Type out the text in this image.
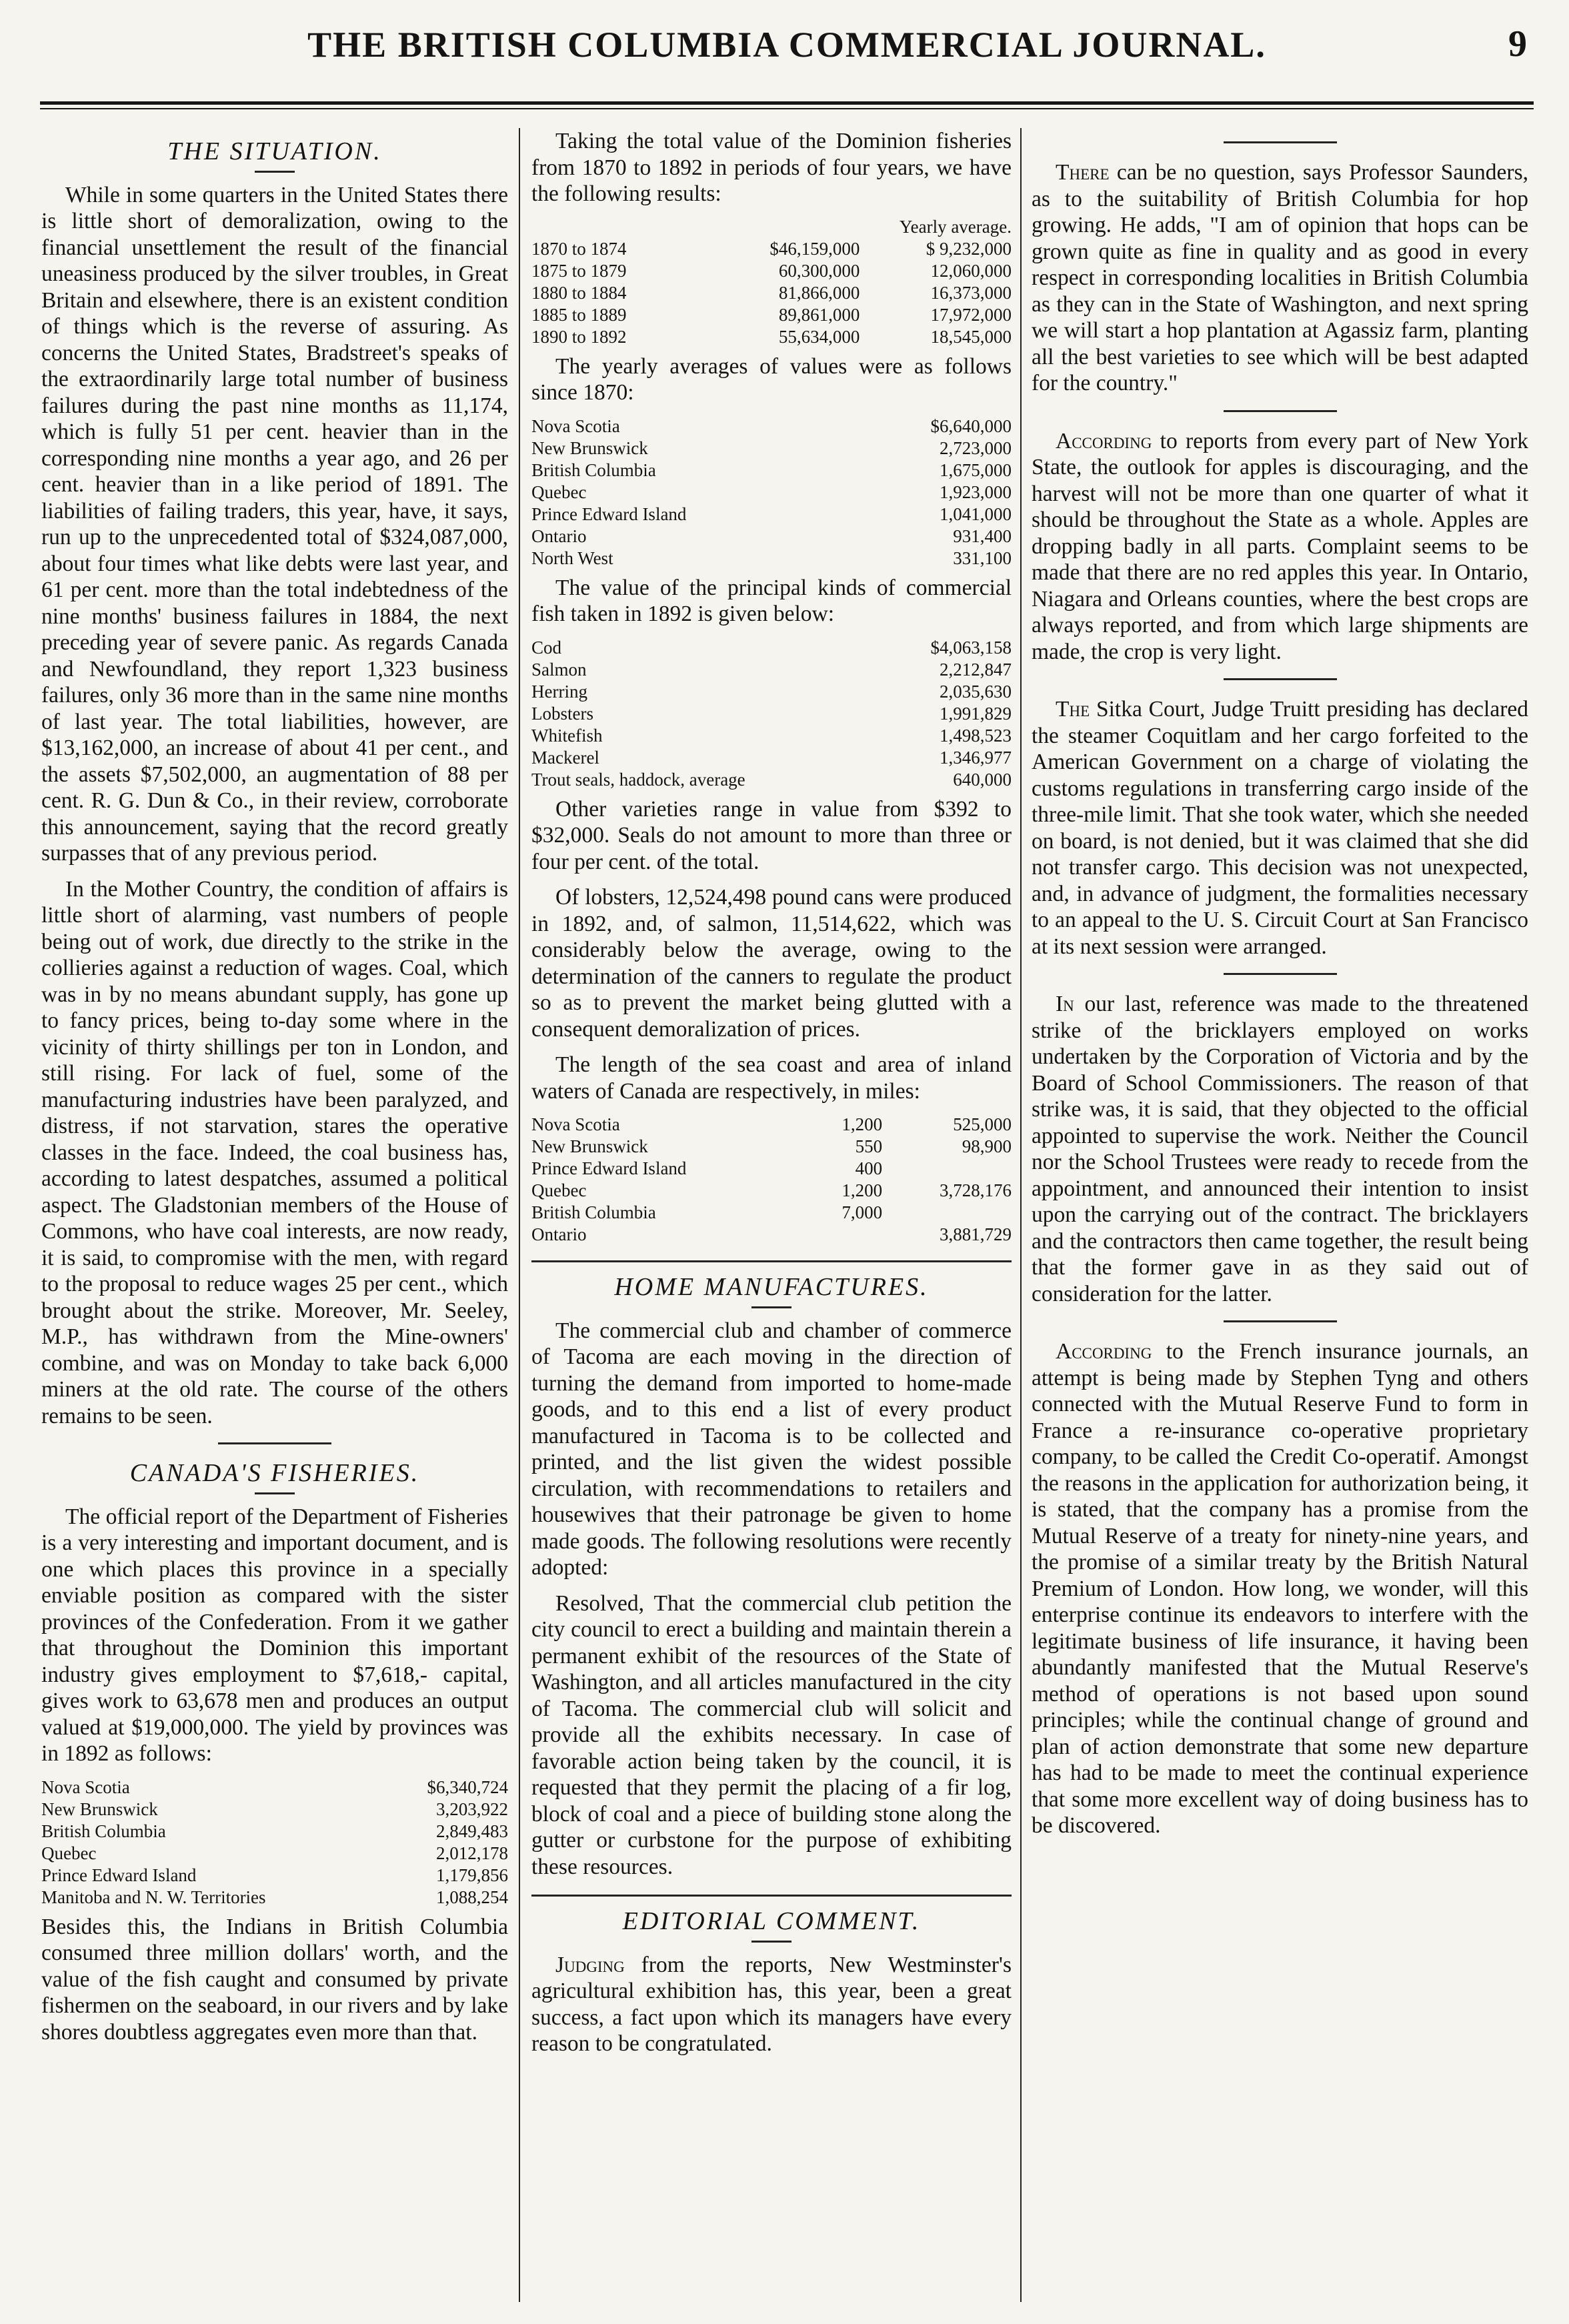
THE BRITISH COLUMBIA COMMERCIAL JOURNAL.	9
THE SITUATION.

While in some quarters in the United States there is little short of demoralization, owing to the financial unsettlement the result of the financial uneasiness produced by the silver troubles, in Great Britain and elsewhere, there is an existent condition of things which is the reverse of assuring. As concerns the United States, Bradstreet's speaks of the extraordinarily large total number of business failures during the past nine months as 11,174, which is fully 51 per cent. heavier than in the corresponding nine months a year ago, and 26 per cent. heavier than in a like period of 1891. The liabilities of failing traders, this year, have, it says, run up to the unprecedented total of $324,087,000, about four times what like debts were last year, and 61 per cent. more than the total indebtedness of the nine months' business failures in 1884, the next preceding year of severe panic. As regards Canada and Newfoundland, they report 1,323 business failures, only 36 more than in the same nine months of last year. The total liabilities, however, are $13,162,000, an increase of about 41 per cent., and the assets $7,502,000, an augmentation of 88 per cent. R. G. Dun & Co., in their review, corroborate this announcement, saying that the record greatly surpasses that of any previous period.

In the Mother Country, the condition of affairs is little short of alarming, vast numbers of people being out of work, due directly to the strike in the collieries against a reduction of wages. Coal, which was in by no means abundant supply, has gone up to fancy prices, being to-day some where in the vicinity of thirty shillings per ton in London, and still rising. For lack of fuel, some of the manufacturing industries have been paralyzed, and distress, if not starvation, stares the operative classes in the face. Indeed, the coal business has, according to latest despatches, assumed a political aspect. The Gladstonian members of the House of Commons, who have coal interests, are now ready, it is said, to compromise with the men, with regard to the proposal to reduce wages 25 per cent., which brought about the strike. Moreover, Mr. Seeley, M.P., has withdrawn from the Mine-owners' combine, and was on Monday to take back 6,000 miners at the old rate. The course of the others remains to be seen.

CANADA'S FISHERIES.

The official report of the Department of Fisheries is a very interesting and important document, and is one which places this province in a specially enviable position as compared with the sister provinces of the Confederation. From it we gather that throughout the Dominion this important industry gives employment to $7,618,- capital, gives work to 63,678 men and produces an output valued at $19,000,000. The yield by provinces was in 1892 as follows:

Nova Scotia	$6,340,724
New Brunswick	3,203,922
British Columbia	2,849,483
Quebec	2,012,178
Prince Edward Island	1,179,856
Manitoba and N. W. Territories	1,088,254

Besides this, the Indians in British Columbia consumed three million dollars' worth, and the value of the fish caught and consumed by private fishermen on the seaboard, in our rivers and by lake shores doubtless aggregates even more than that.

Taking the total value of the Dominion fisheries from 1870 to 1892 in periods of four years, we have the following results:

Yearly average.
1870 to 1874	$46,159,000	$ 9,232,000
1875 to 1879	60,300,000	12,060,000
1880 to 1884	81,866,000	16,373,000
1885 to 1889	89,861,000	17,972,000
1890 to 1892	55,634,000	18,545,000

The yearly averages of values were as follows since 1870:

Nova Scotia	$6,640,000
New Brunswick	2,723,000
British Columbia	1,675,000
Quebec	1,923,000
Prince Edward Island	1,041,000
Ontario	931,400
North West	331,100

The value of the principal kinds of commercial fish taken in 1892 is given below:

Cod	$4,063,158
Salmon	2,212,847
Herring	2,035,630
Lobsters	1,991,829
Whitefish	1,498,523
Mackerel	1,346,977
Trout seals, haddock, average	640,000

Other varieties range in value from $392 to $32,000. Seals do not amount to more than three or four per cent. of the total.

Of lobsters, 12,524,498 pound cans were produced in 1892, and, of salmon, 11,514,622, which was considerably below the average, owing to the determination of the canners to regulate the product so as to prevent the market being glutted with a consequent demoralization of prices.

The length of the sea coast and area of inland waters of Canada are respectively, in miles:

Nova Scotia	1,200	525,000
New Brunswick	550	98,900
Prince Edward Island	400	
Quebec	1,200	3,728,176
British Columbia	7,000	
Ontario		3,881,729
HOME MANUFACTURES.

The commercial club and chamber of commerce of Tacoma are each moving in the direction of turning the demand from imported to home-made goods, and to this end a list of every product manufactured in Tacoma is to be collected and printed, and the list given the widest possible circulation, with recommendations to retailers and housewives that their patronage be given to home made goods. The following resolutions were recently adopted:

Resolved, That the commercial club petition the city council to erect a building and maintain therein a permanent exhibit of the resources of the State of Washington, and all articles manufactured in the city of Tacoma. The commercial club will solicit and provide all the exhibits necessary. In case of favorable action being taken by the council, it is requested that they permit the placing of a fir log, block of coal and a piece of building stone along the gutter or curbstone for the purpose of exhibiting these resources.

EDITORIAL COMMENT.

Judging from the reports, New Westminster's agricultural exhibition has, this year, been a great success, a fact upon which its managers have every reason to be congratulated.

There can be no question, says Professor Saunders, as to the suitability of British Columbia for hop growing. He adds, "I am of opinion that hops can be grown quite as fine in quality and as good in every respect in corresponding localities in British Columbia as they can in the State of Washington, and next spring we will start a hop plantation at Agassiz farm, planting all the best varieties to see which will be best adapted for the country."

According to reports from every part of New York State, the outlook for apples is discouraging, and the harvest will not be more than one quarter of what it should be throughout the State as a whole. Apples are dropping badly in all parts. Complaint seems to be made that there are no red apples this year. In Ontario, Niagara and Orleans counties, where the best crops are always reported, and from which large shipments are made, the crop is very light.

The Sitka Court, Judge Truitt presiding has declared the steamer Coquitlam and her cargo forfeited to the American Government on a charge of violating the customs regulations in transferring cargo inside of the three-mile limit. That she took water, which she needed on board, is not denied, but it was claimed that she did not transfer cargo. This decision was not unexpected, and, in advance of judgment, the formalities necessary to an appeal to the U. S. Circuit Court at San Francisco at its next session were arranged.

In our last, reference was made to the threatened strike of the bricklayers employed on works undertaken by the Corporation of Victoria and by the Board of School Commissioners. The reason of that strike was, it is said, that they objected to the official appointed to supervise the work. Neither the Council nor the School Trustees were ready to recede from the appointment, and announced their intention to insist upon the carrying out of the contract. The bricklayers and the contractors then came together, the result being that the former gave in as they said out of consideration for the latter.

According to the French insurance journals, an attempt is being made by Stephen Tyng and others connected with the Mutual Reserve Fund to form in France a re-insurance co-operative proprietary company, to be called the Credit Co-operatif. Amongst the reasons in the application for authorization being, it is stated, that the company has a promise from the Mutual Reserve of a treaty for ninety-nine years, and the promise of a similar treaty by the British Natural Premium of London. How long, we wonder, will this enterprise continue its endeavors to interfere with the legitimate business of life insurance, it having been abundantly manifested that the Mutual Reserve's method of operations is not based upon sound principles; while the continual change of ground and plan of action demonstrate that some new departure has had to be made to meet the continual experience that some more excellent way of doing business has to be discovered.
